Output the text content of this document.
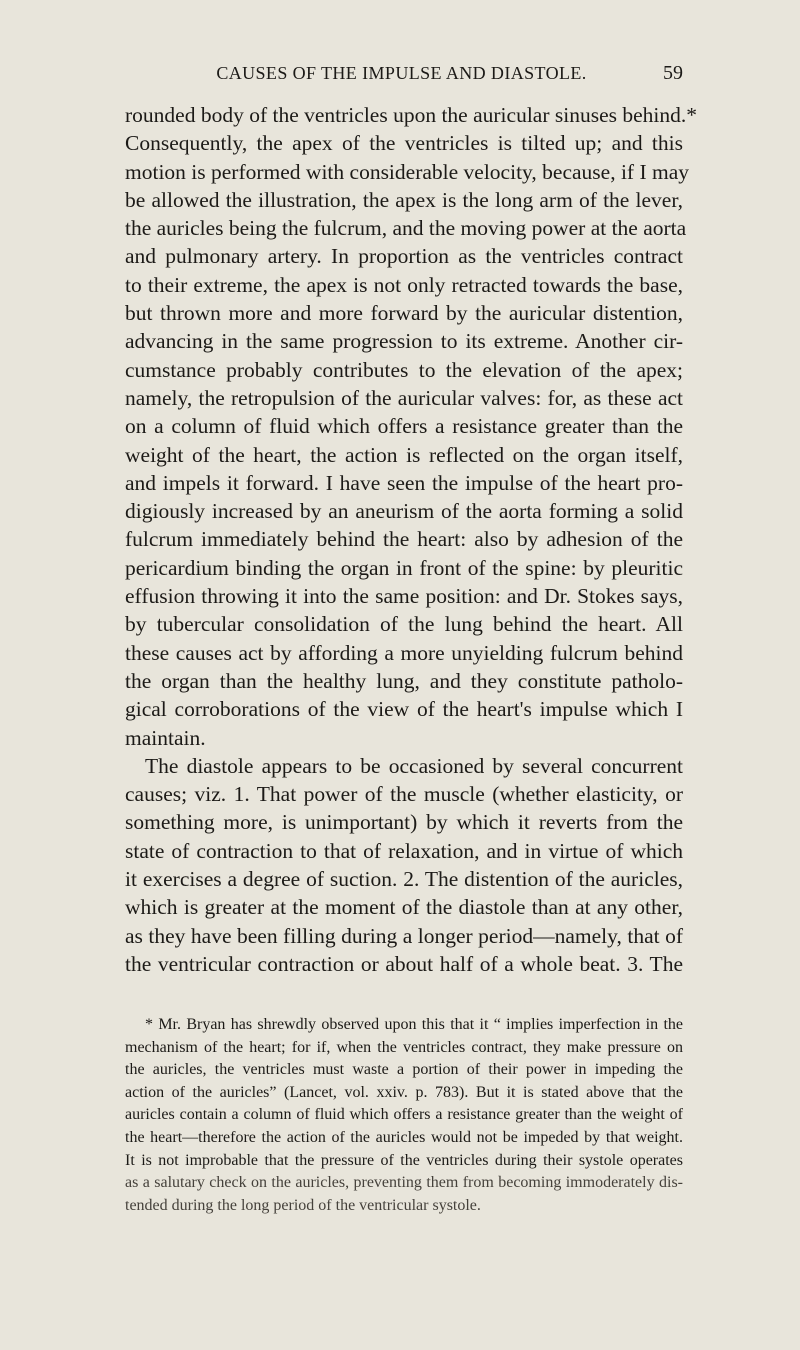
CAUSES OF THE IMPULSE AND DIASTOLE.	59
rounded body of the ventricles upon the auricular sinuses behind.*
Consequently, the apex of the ventricles is tilted up; and this
motion is performed with considerable velocity, because, if I may
be allowed the illustration, the apex is the long arm of the lever,
the auricles being the fulcrum, and the moving power at the aorta
and pulmonary artery. In proportion as the ventricles contract
to their extreme, the apex is not only retracted towards the base,
but thrown more and more forward by the auricular distention,
advancing in the same progression to its extreme. Another cir-
cumstance probably contributes to the elevation of the apex;
namely, the retropulsion of the auricular valves: for, as these act
on a column of fluid which offers a resistance greater than the
weight of the heart, the action is reflected on the organ itself,
and impels it forward. I have seen the impulse of the heart pro-
digiously increased by an aneurism of the aorta forming a solid
fulcrum immediately behind the heart: also by adhesion of the
pericardium binding the organ in front of the spine: by pleuritic
effusion throwing it into the same position: and Dr. Stokes says,
by tubercular consolidation of the lung behind the heart. All
these causes act by affording a more unyielding fulcrum behind
the organ than the healthy lung, and they constitute patholo-
gical corroborations of the view of the heart's impulse which I
maintain.
The diastole appears to be occasioned by several concurrent
causes; viz. 1. That power of the muscle (whether elasticity, or
something more, is unimportant) by which it reverts from the
state of contraction to that of relaxation, and in virtue of which
it exercises a degree of suction. 2. The distention of the auricles,
which is greater at the moment of the diastole than at any other,
as they have been filling during a longer period—namely, that of
the ventricular contraction or about half of a whole beat. 3. The
* Mr. Bryan has shrewdly observed upon this that it “ implies imperfection in the
mechanism of the heart; for if, when the ventricles contract, they make pressure on
the auricles, the ventricles must waste a portion of their power in impeding the
action of the auricles” (Lancet, vol. xxiv. p. 783). But it is stated above that the
auricles contain a column of fluid which offers a resistance greater than the weight of
the heart—therefore the action of the auricles would not be impeded by that weight.
It is not improbable that the pressure of the ventricles during their systole operates
as a salutary check on the auricles, preventing them from becoming immoderately dis-
tended during the long period of the ventricular systole.
